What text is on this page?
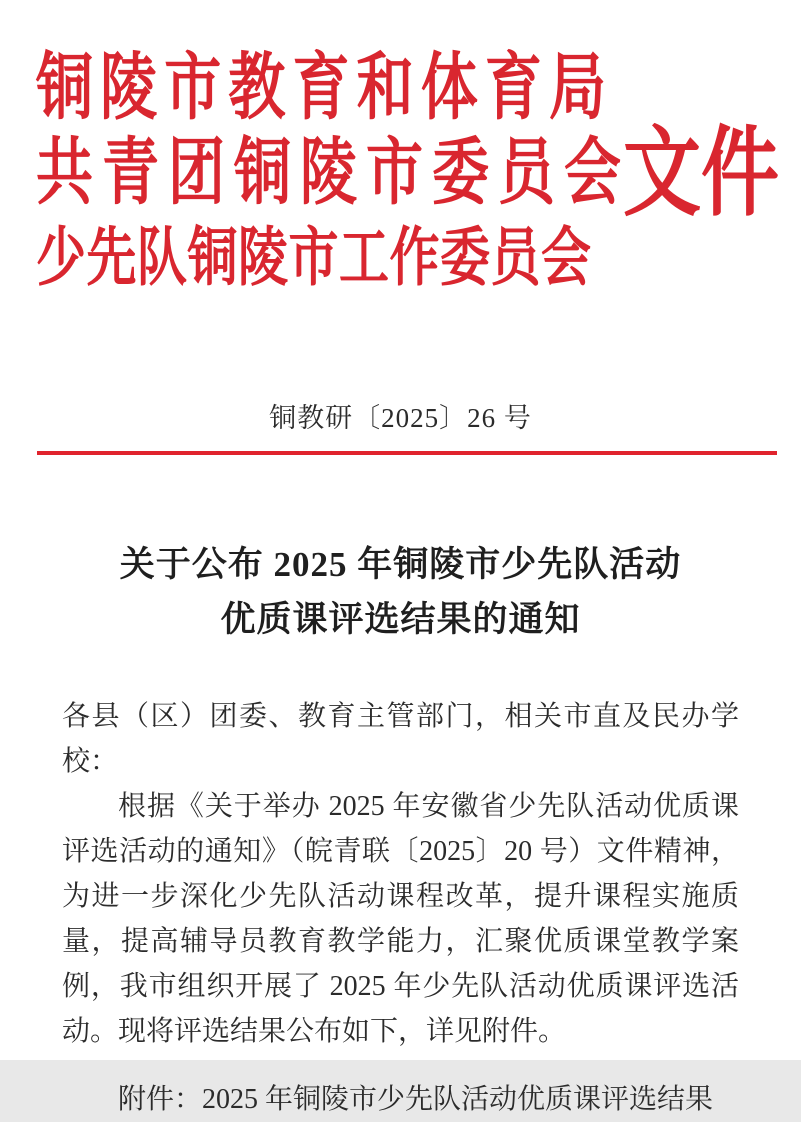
铜陵市教育和体育局
共青团铜陵市委员会
少先队铜陵市工作委员会
文件
铜教研〔2025〕26 号
关于公布 2025 年铜陵市少先队活动
优质课评选结果的通知

各县（区）团委、教育主管部门，相关市直及民办学校：

根据《关于举办 2025 年安徽省少先队活动优质课评选活动的通知》（皖青联〔2025〕20 号）文件精神，为进一步深化少先队活动课程改革，提升课程实施质量，提高辅导员教育教学能力，汇聚优质课堂教学案例，我市组织开展了 2025 年少先队活动优质课评选活动。现将评选结果公布如下，详见附件。

附件：2025 年铜陵市少先队活动优质课评选结果
